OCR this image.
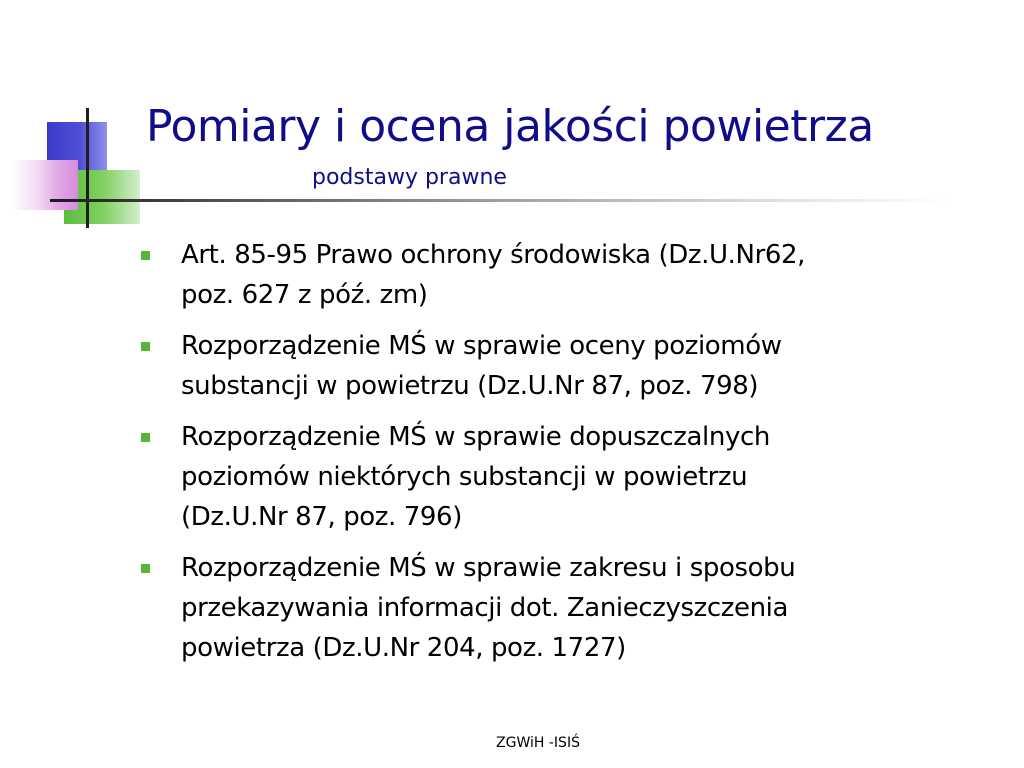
Pomiary i ocena jakości powietrza
podstawy prawne
Art. 85-95 Prawo ochrony środowiska (Dz.U.Nr62,
poz. 627 z póź. zm)
Rozporządzenie MŚ w sprawie oceny poziomów
substancji w powietrzu (Dz.U.Nr 87, poz. 798)
Rozporządzenie MŚ w sprawie dopuszczalnych
poziomów niektórych substancji w powietrzu
(Dz.U.Nr 87, poz. 796)
Rozporządzenie MŚ w sprawie zakresu i sposobu
przekazywania informacji dot. Zanieczyszczenia
powietrza (Dz.U.Nr 204, poz. 1727)
ZGWiH -ISIŚ
